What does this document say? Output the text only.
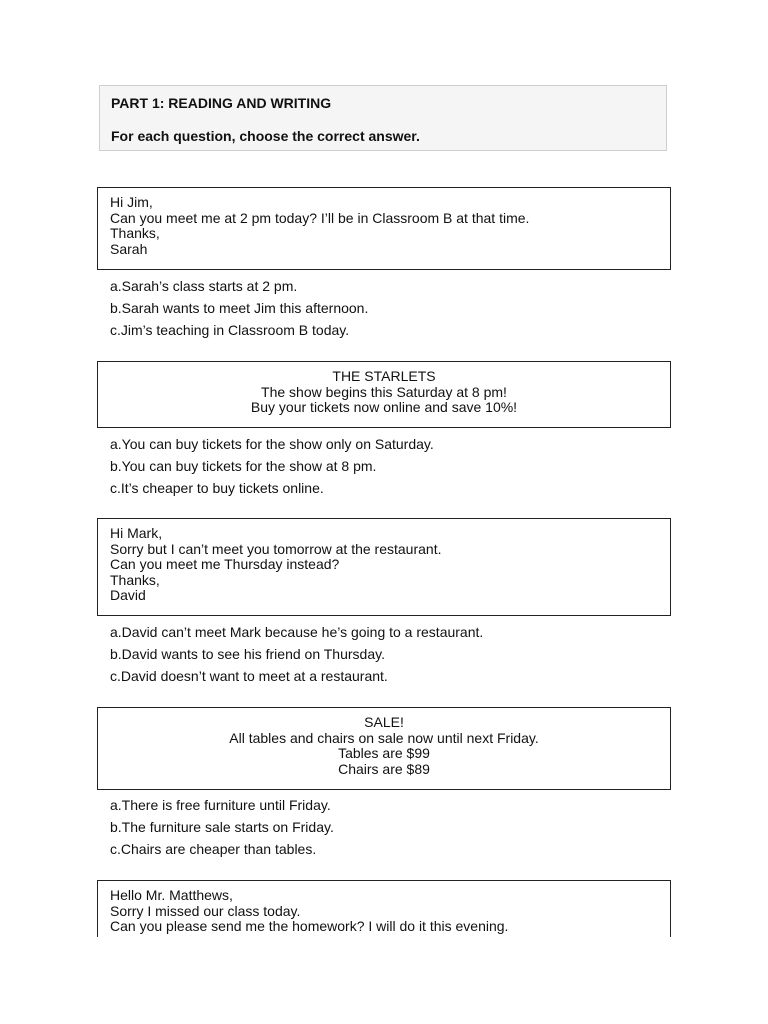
PART 1: READING AND WRITING
For each question, choose the correct answer.
Hi Jim,
Can you meet me at 2 pm today? I’ll be in Classroom B at that time.
Thanks,
Sarah
a.Sarah’s class starts at 2 pm.
b.Sarah wants to meet Jim this afternoon.
c.Jim’s teaching in Classroom B today.
THE STARLETS
The show begins this Saturday at 8 pm!
Buy your tickets now online and save 10%!
a.You can buy tickets for the show only on Saturday.
b.You can buy tickets for the show at 8 pm.
c.It’s cheaper to buy tickets online.
Hi Mark,
Sorry but I can’t meet you tomorrow at the restaurant.
Can you meet me Thursday instead?
Thanks,
David
a.David can’t meet Mark because he’s going to a restaurant.
b.David wants to see his friend on Thursday.
c.David doesn’t want to meet at a restaurant.
SALE!
All tables and chairs on sale now until next Friday.
Tables are $99
Chairs are $89
a.There is free furniture until Friday.
b.The furniture sale starts on Friday.
c.Chairs are cheaper than tables.
Hello Mr. Matthews,
Sorry I missed our class today.
Can you please send me the homework? I will do it this evening.
